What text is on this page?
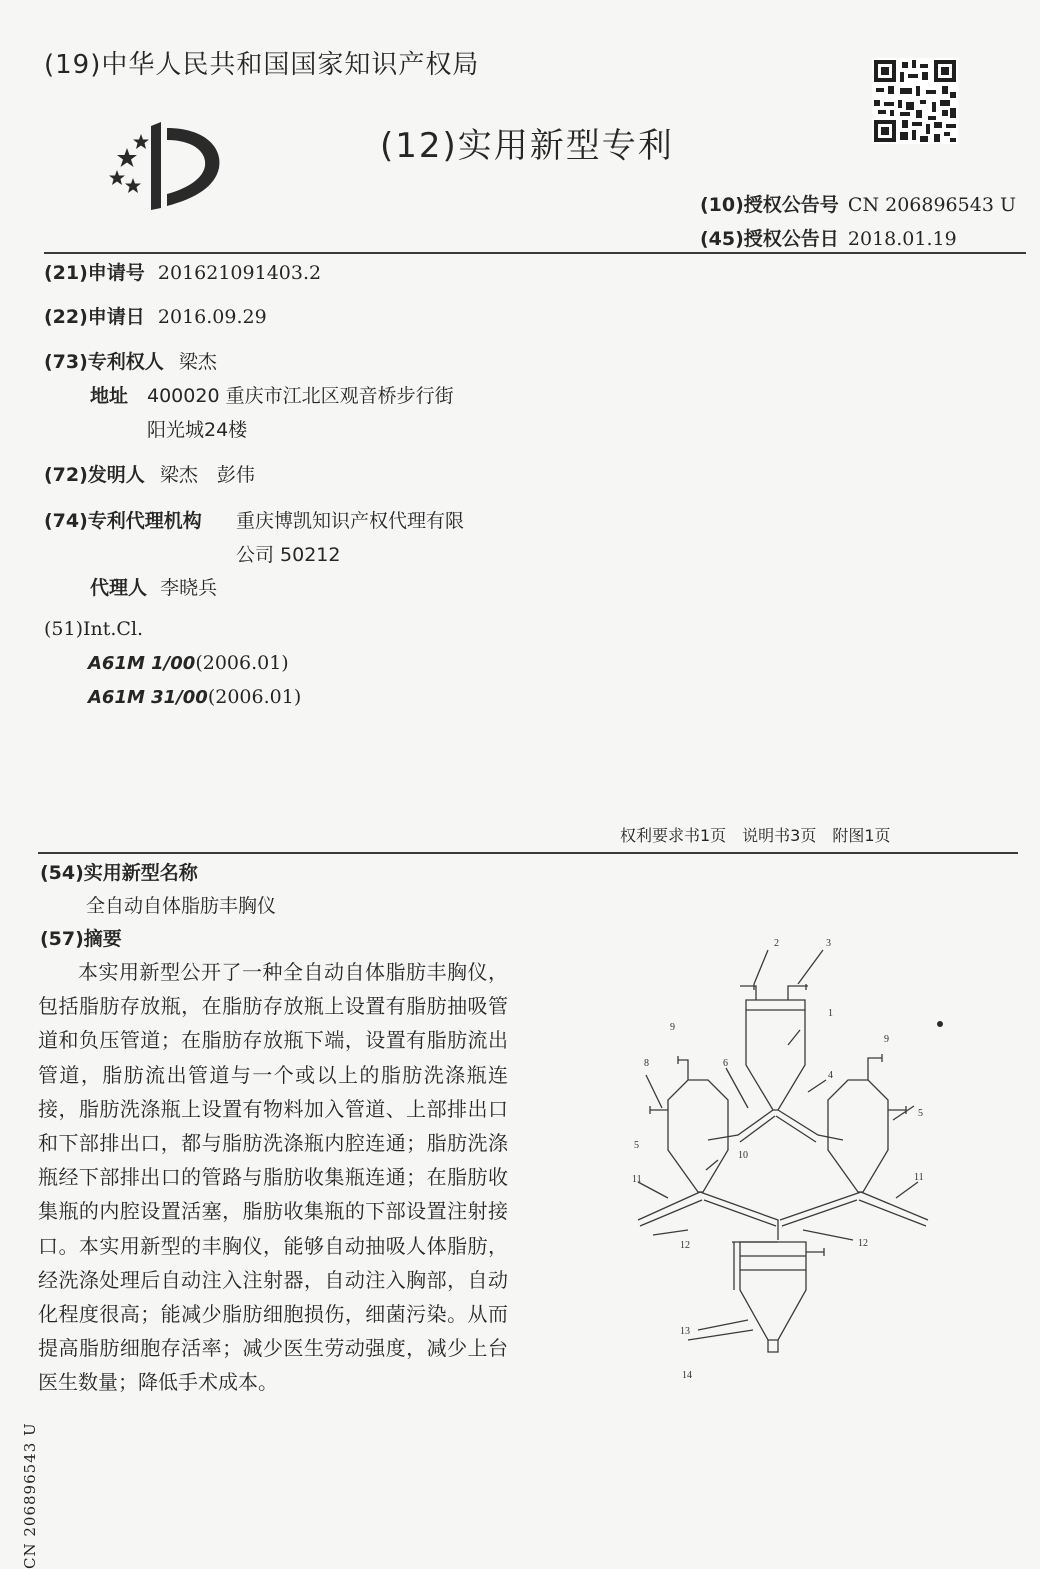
(19)中华人民共和国国家知识产权局
(12)实用新型专利
(10)授权公告号 CN 206896543 U
(45)授权公告日 2018.01.19
(21)申请号 201621091403.2
(22)申请日 2016.09.29
(73)专利权人 梁杰
地址 400020 重庆市江北区观音桥步行街
阳光城24楼
(72)发明人 梁杰　彭伟
(74)专利代理机构 重庆博凯知识产权代理有限
公司 50212
代理人 李晓兵
(51)Int.Cl.
A61M 1/00(2006.01)
A61M 31/00(2006.01)
权利要求书1页　说明书3页　附图1页
(54)实用新型名称
全自动自体脂肪丰胸仪
(57)摘要
本实用新型公开了一种全自动自体脂肪丰胸仪，包括脂肪存放瓶，在脂肪存放瓶上设置有脂肪抽吸管道和负压管道；在脂肪存放瓶下端，设置有脂肪流出管道，脂肪流出管道与一个或以上的脂肪洗涤瓶连接，脂肪洗涤瓶上设置有物料加入管道、上部排出口和下部排出口，都与脂肪洗涤瓶内腔连通；脂肪洗涤瓶经下部排出口的管路与脂肪收集瓶连通；在脂肪收集瓶的内腔设置活塞，脂肪收集瓶的下部设置注射接口。本实用新型的丰胸仪，能够自动抽吸人体脂肪，经洗涤处理后自动注入注射器，自动注入胸部，自动化程度很高；能减少脂肪细胞损伤，细菌污染。从而提高脂肪细胞存活率；减少医生劳动强度，减少上台医生数量；降低手术成本。
CN 206896543 U
2	3
1
4
6
9
9
8
5
5
10
11	11
12	12
13
14
